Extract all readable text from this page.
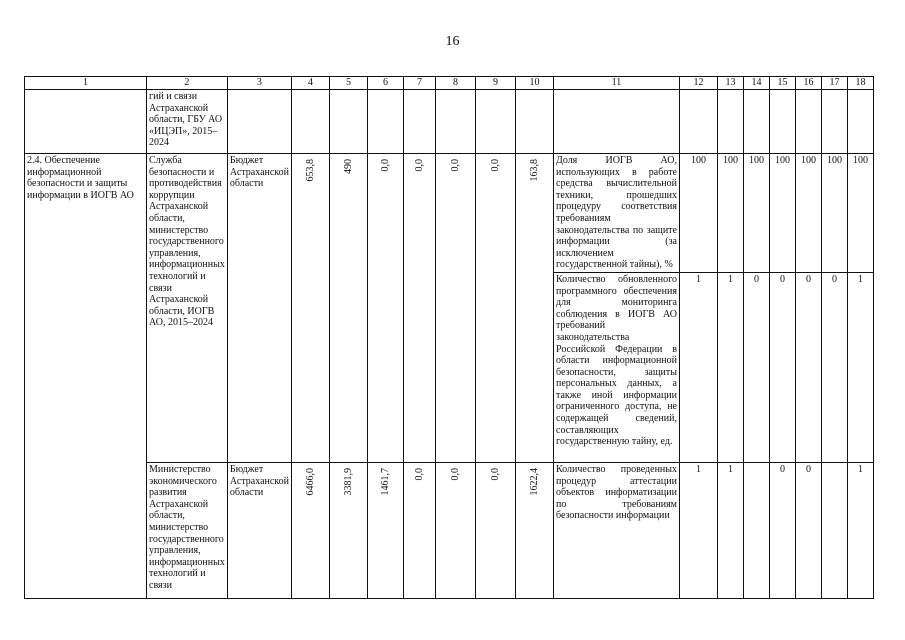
16
1	2	3	4	5	6	7	8	9	10	11	12	13	14	15	16	17	18
	гий и связи Астраханской области, ГБУ АО «ИЦЭП», 2015–2024																
2.4. Обеспечение информационной безопасности и защиты информации в ИОГВ АО	Служба безопасности и противодействия коррупции Астраханской области, министерство государственного управления, информационных технологий и связи Астраханской области, ИОГВ АО, 2015–2024	Бюджет Астраханской области	653,8	490	0,0	0,0	0,0	0,0	163,8	Доля ИОГВ АО, использующих в работе средства вычислительной техники, прошедших процедуру соответствия требованиям законодательства по защите информации (за исключением государственной тайны), %	100	100	100	100	100	100	100
										Количество обновленного программного обеспечения для мониторинга соблюдения в ИОГВ АО требований законодательства Российской Федерации в области информационной безопасности, защиты персональных данных, а также иной информации ограниченного доступа, не содержащей сведений, составляющих государственную тайну, ед.	1	1	0	0	0	0	1
	Министерство экономического развития Астраханской области, министерство государственного управления, информационных технологий и связи	Бюджет Астраханской области	6466,0	3381,9	1461,7	0,0	0,0	0,0	1622,4	Количество проведенных процедур аттестации объектов информатизации по требованиям безопасности информации	1	1		0	0		1
